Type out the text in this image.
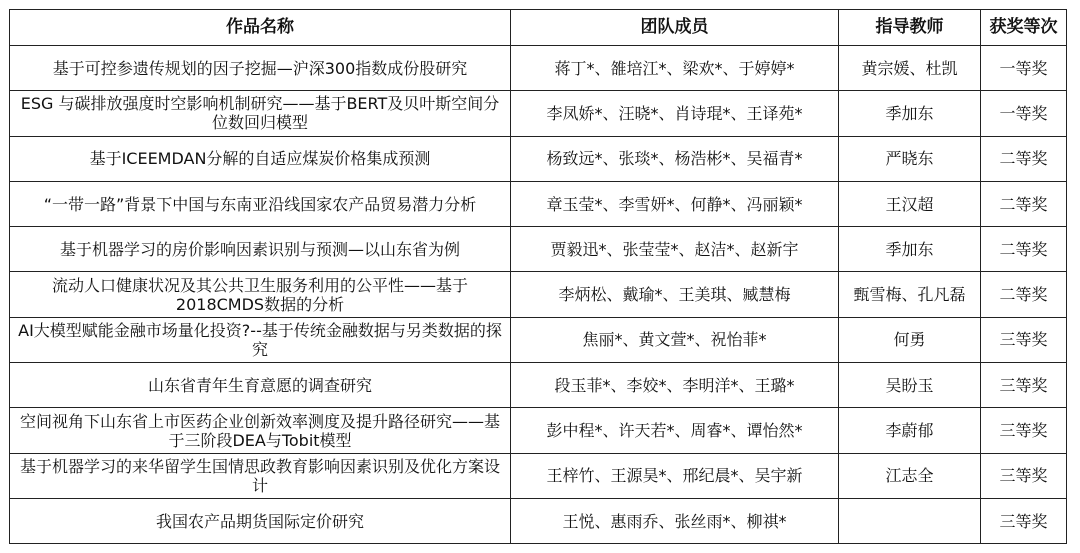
作品名称	团队成员	指导教师	获奖等次
基于可控参遗传规划的因子挖掘—沪深300指数成份股研究	蒋丁*、雒培江*、梁欢*、于婷婷*	黄宗媛、杜凯	一等奖
ESG 与碳排放强度时空影响机制研究——基于BERT及贝叶斯空间分位数回归模型	李凤娇*、汪晓*、肖诗琨*、王译苑*	季加东	一等奖
基于ICEEMDAN分解的自适应煤炭价格集成预测	杨致远*、张琰*、杨浩彬*、吴福青*	严晓东	二等奖
“一带一路”背景下中国与东南亚沿线国家农产品贸易潜力分析	章玉莹*、李雪妍*、何静*、冯丽颖*	王汉超	二等奖
基于机器学习的房价影响因素识别与预测—以山东省为例	贾毅迅*、张莹莹*、赵洁*、赵新宇	季加东	二等奖
流动人口健康状况及其公共卫生服务利用的公平性——基于2018CMDS数据的分析	李炳松、戴瑜*、王美琪、臧慧梅	甄雪梅、孔凡磊	二等奖
AI大模型赋能金融市场量化投资?--基于传统金融数据与另类数据的探究	焦丽*、黄文萱*、祝怡菲*	何勇	三等奖
山东省青年生育意愿的调查研究	段玉菲*、李姣*、李明洋*、王璐*	吴盼玉	三等奖
空间视角下山东省上市医药企业创新效率测度及提升路径研究——基于三阶段DEA与Tobit模型	彭中程*、许天若*、周睿*、谭怡然*	李蔚郁	三等奖
基于机器学习的来华留学生国情思政教育影响因素识别及优化方案设计	王梓竹、王源昊*、邢纪晨*、吴宇新	江志全	三等奖
我国农产品期货国际定价研究	王悦、惠雨乔、张丝雨*、柳祺*		三等奖
